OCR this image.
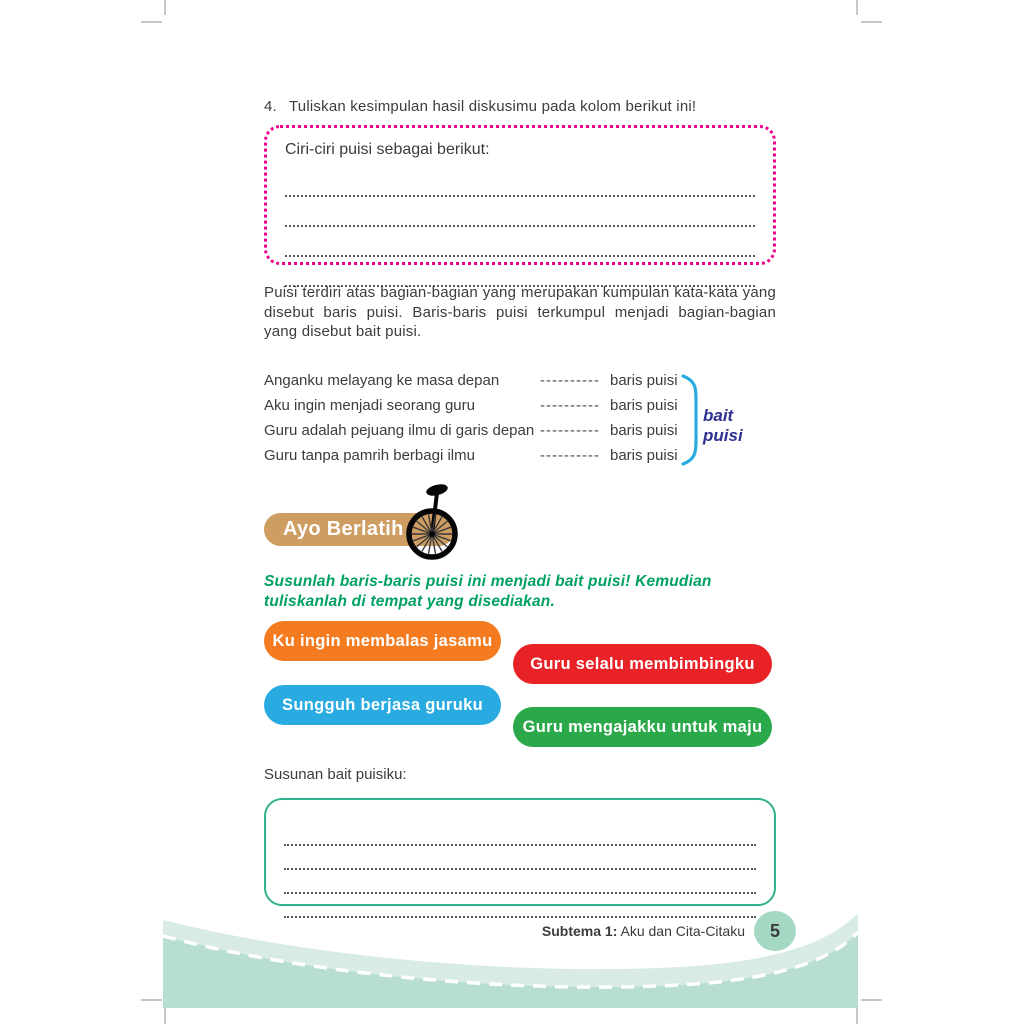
4. Tuliskan kesimpulan hasil diskusimu pada kolom berikut ini!
Ciri-ciri puisi sebagai berikut:
Puisi terdiri atas bagian-bagian yang merupakan kumpulan kata-kata yang disebut baris puisi. Baris-baris puisi terkumpul menjadi bagian-bagian yang disebut bait puisi.
Anganku melayang ke masa depan	---------- baris puisi
Aku ingin menjadi seorang guru	---------- baris puisi
Guru adalah pejuang ilmu di garis depan ---------- baris puisi
Guru tanpa pamrih berbagi ilmu	---------- baris puisi
bait puisi
Ayo Berlatih
Susunlah baris-baris puisi ini menjadi bait puisi! Kemudian tuliskanlah di tempat yang disediakan.
Ku ingin membalas jasamu
Guru selalu membimbingku
Sungguh berjasa guruku
Guru mengajakku untuk maju
Susunan bait puisiku:
Subtema 1: Aku dan Cita-Citaku	5
